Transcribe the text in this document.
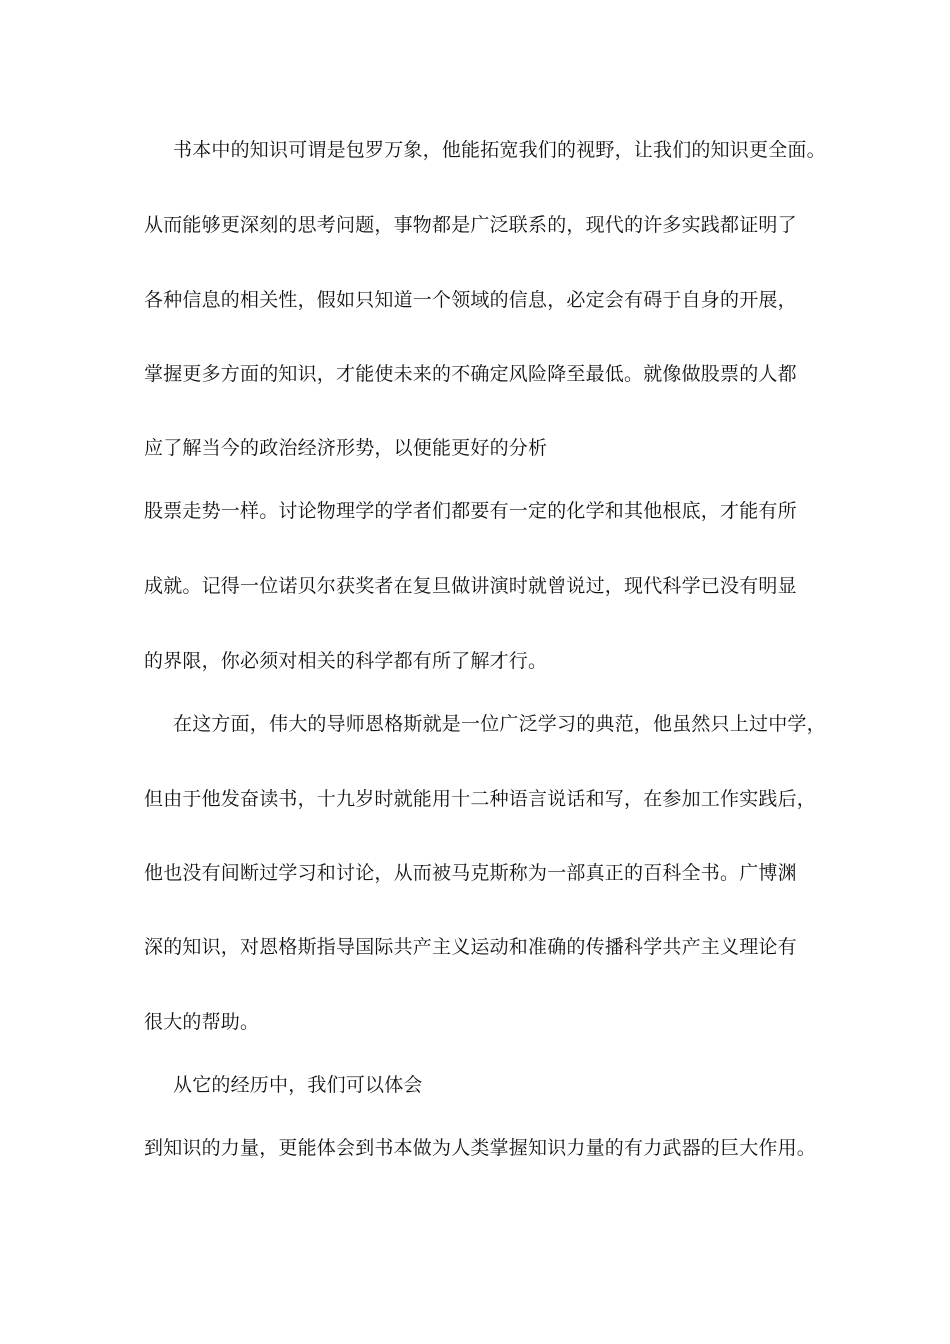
书本中的知识可谓是包罗万象，他能拓宽我们的视野，让我们的知识更全面。
从而能够更深刻的思考问题，事物都是广泛联系的，现代的许多实践都证明了
各种信息的相关性，假如只知道一个领域的信息，必定会有碍于自身的开展，
掌握更多方面的知识，才能使未来的不确定风险降至最低。就像做股票的人都
应了解当今的政治经济形势，以便能更好的分析
股票走势一样。讨论物理学的学者们都要有一定的化学和其他根底，才能有所
成就。记得一位诺贝尔获奖者在复旦做讲演时就曾说过，现代科学已没有明显
的界限，你必须对相关的科学都有所了解才行。
在这方面，伟大的导师恩格斯就是一位广泛学习的典范，他虽然只上过中学，
但由于他发奋读书，十九岁时就能用十二种语言说话和写，在参加工作实践后，
他也没有间断过学习和讨论，从而被马克斯称为一部真正的百科全书。广博渊
深的知识，对恩格斯指导国际共产主义运动和准确的传播科学共产主义理论有
很大的帮助。
从它的经历中，我们可以体会
到知识的力量，更能体会到书本做为人类掌握知识力量的有力武器的巨大作用。
